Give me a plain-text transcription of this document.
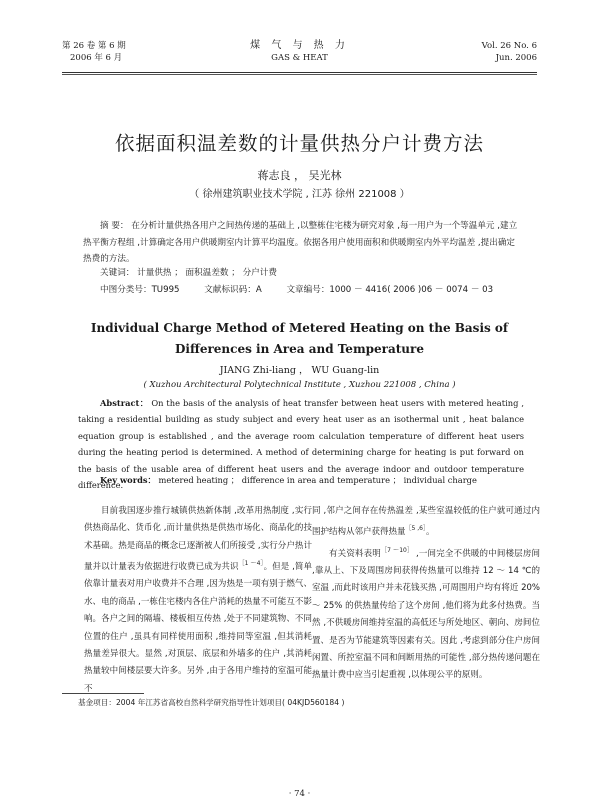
第 26 卷 第 6 期
2006 年 6 月
煤 气 与 热 力
GAS & HEAT
Vol. 26 No. 6
Jun. 2006
依据面积温差数的计量供热分户计费方法
蒋志良 ， 吴光林
（ 徐州建筑职业技术学院 , 江苏 徐州 221008 ）
摘 要： 在分析计量供热各用户之间热传递的基础上 ,以整栋住宅楼为研究对象 ,每一用户为一个等温单元 ,建立热平衡方程组 ,计算确定各用户供暖期室内计算平均温度。依据各用户使用面积和供暖期室内外平均温差 ,提出确定热费的方法。
关键词： 计量供热 ； 面积温差数 ； 分户计费
中图分类号：TU995	文献标识码：A	文章编号：1000 － 4416( 2006 )06 － 0074 － 03
Individual Charge Method of Metered Heating on the Basis of
Differences in Area and Temperature
JIANG Zhi-liang ， WU Guang-lin
( Xuzhou Architectural Polytechnical Institute , Xuzhou 221008 , China )
Abstract： On the basis of the analysis of heat transfer between heat users with metered heating , taking a residential building as study subject and every heat user as an isothermal unit , heat balance equation group is established , and the average room calculation temperature of different heat users during the heating period is determined. A method of determining charge for heating is put forward on the basis of the usable area of different heat users and the average indoor and outdoor temperature difference.
Key words： metered heating ； difference in area and temperature ； individual charge

目前我国逐步推行城镇供热新体制 ,改革用热制度 ,实行供热商品化、货币化 ,而计量供热是供热市场化、商品化的技术基础。热是商品的概念已逐渐被人们所接受 ,实行分户热计量并以计量表为依据进行收费已成为共识$^{[1 \sim 4]}$。但是 ,简单依靠计量表对用户收费并不合理 ,因为热是一项有别于燃气、水、电的商品 ,一栋住宅楼内各住户消耗的热量不可能互不影响。各户之间的隔墙、楼板相互传热 ,处于不同建筑物、不同位置的住户 ,虽具有同样使用面积 ,维持同等室温 ,但其消耗热量差异很大。显然 ,对顶层、底层和外墙多的住户 ,其消耗热量较中间楼层要大许多。另外 ,由于各用户维持的室温可能不

同 ,邻户之间存在传热温差 ,某些室温较低的住户就可通过内围护结构从邻户获得热量$^{[5 ,6]}$。

有关资料表明$^{[7 \sim 10]}$ ,一间完全不供暖的中间楼层房间 ,靠从上、下及周围房间获得传热量可以维持 12 ～ 14 ℃的室温 ,而此时该用户并未花钱买热 ,可周围用户均有将近 20% ～ 25% 的供热量传给了这个房间 ,他们将为此多付热费。当然 ,不供暖房间维持室温的高低还与所处地区、朝向、房间位置、是否为节能建筑等因素有关。因此 ,考虑到部分住户房间闲置、所控室温不同和间断用热的可能性 ,部分热传递问题在热量计费中应当引起重视 ,以体现公平的原则。

基金项目：2004 年江苏省高校自然科学研究指导性计划项目( 04KJD560184 )
· 74 ·
